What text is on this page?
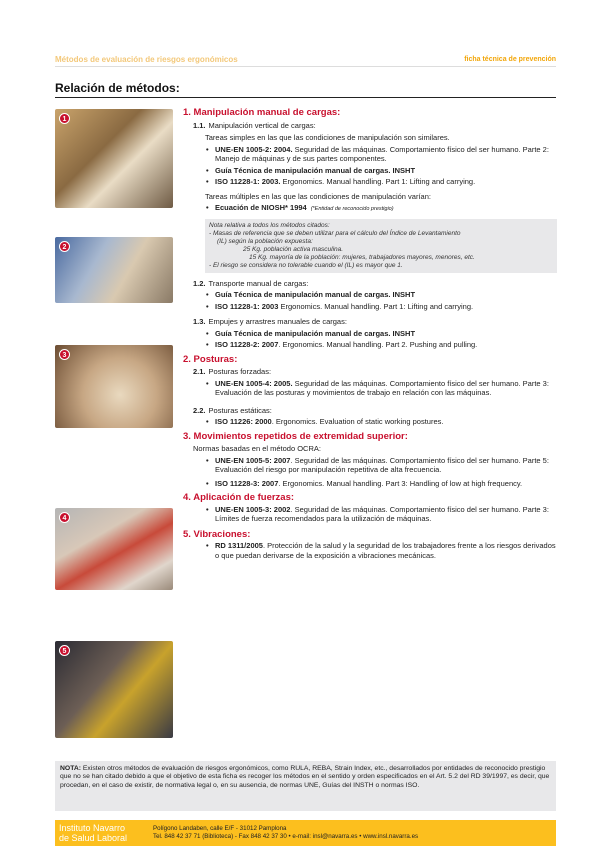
Métodos de evaluación de riesgos ergonómicos	ficha técnica de prevención
Relación de métodos:
1
2
3
4
5
1. Manipulación manual de cargas:
1.1. Manipulación vertical de cargas:
Tareas simples en las que las condiciones de manipulación son similares.
• UNE-EN 1005-2: 2004. Seguridad de las máquinas. Comportamiento físico del ser humano. Parte 2: Manejo de máquinas y de sus partes componentes.
• Guía Técnica de manipulación manual de cargas. INSHT
• ISO 11228-1: 2003. Ergonomics. Manual handling. Part 1: Lifting and carrying.
Tareas múltiples en las que las condiciones de manipulación varían:
• Ecuación de NIOSH* 1994 (*Entidad de reconocido prestigio)
Nota relativa a todos los métodos citados:
- Masas de referencia que se deben utilizar para el cálculo del Índice de Levantamiento
(IL) según la población expuesta:
25 Kg. población activa masculina.
15 Kg. mayoría de la población: mujeres, trabajadores mayores, menores, etc.
- El riesgo se considera no tolerable cuando el (IL) es mayor que 1.
1.2. Transporte manual de cargas:
• Guía Técnica de manipulación manual de cargas. INSHT
• ISO 11228-1: 2003 Ergonomics. Manual handling. Part 1: Lifting and carrying.
1.3. Empujes y arrastres manuales de cargas:
• Guía Técnica de manipulación manual de cargas. INSHT
• ISO 11228-2: 2007. Ergonomics. Manual handling. Part 2. Pushing and pulling.
2. Posturas:
2.1. Posturas forzadas:
• UNE-EN 1005-4: 2005. Seguridad de las máquinas. Comportamiento físico del ser humano. Parte 3: Evaluación de las posturas y movimientos de trabajo en relación con las máquinas.
2.2. Posturas estáticas:
• ISO 11226: 2000. Ergonomics. Evaluation of static working postures.
3. Movimientos repetidos de extremidad superior:
Normas basadas en el método OCRA:
• UNE-EN 1005-5: 2007. Seguridad de las máquinas. Comportamiento físico del ser humano. Parte 5: Evaluación del riesgo por manipulación repetitiva de alta frecuencia.
• ISO 11228-3: 2007. Ergonomics. Manual handling. Part 3: Handling of low at high frequency.
4. Aplicación de fuerzas:
• UNE-EN 1005-3: 2002. Seguridad de las máquinas. Comportamiento físico del ser humano. Parte 3: Límites de fuerza recomendados para la utilización de máquinas.
5. Vibraciones:
• RD 1311/2005. Protección de la salud y la seguridad de los trabajadores frente a los riesgos derivados o que puedan derivarse de la exposición a vibraciones mecánicas.
NOTA: Existen otros métodos de evaluación de riesgos ergonómicos, como RULA, REBA, Strain Index, etc., desarrollados por entidades de reconocido prestigio que no se han citado debido a que el objetivo de esta ficha es recoger los métodos en el sentido y orden especificados en el Art. 5.2 del RD 39/1997, es decir, que procedan, en el caso de existir, de normativa legal o, en su ausencia, de normas UNE, Guías del INSTH o normas ISO.
Instituto Navarro
de Salud Laboral
Polígono Landaben, calle E/F - 31012 Pamplona
Tel. 848 42 37 71 (Biblioteca) - Fax 848 42 37 30 • e-mail: insl@navarra.es • www.insl.navarra.es
